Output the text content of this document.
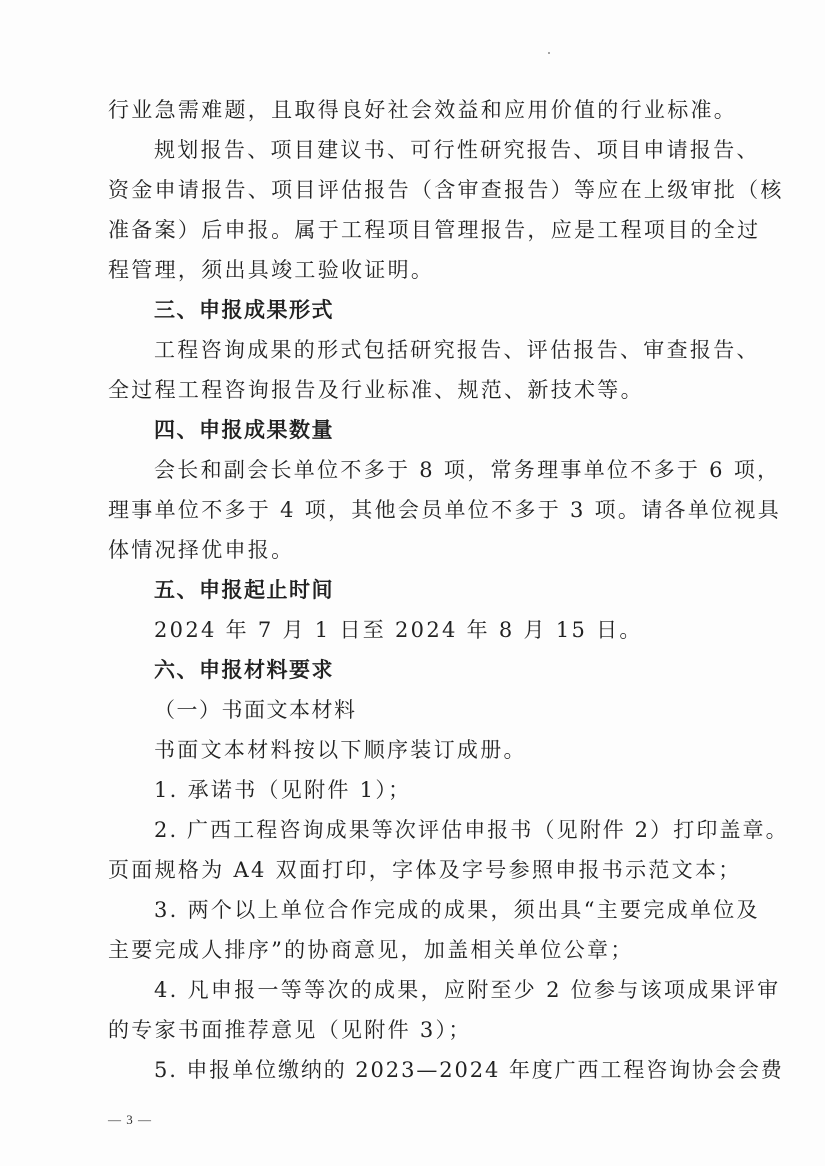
行业急需难题，且取得良好社会效益和应用价值的行业标准。
规划报告、项目建议书、可行性研究报告、项目申请报告、
资金申请报告、项目评估报告（含审查报告）等应在上级审批（核
准备案）后申报。属于工程项目管理报告，应是工程项目的全过
程管理，须出具竣工验收证明。
三、申报成果形式
工程咨询成果的形式包括研究报告、评估报告、审查报告、
全过程工程咨询报告及行业标准、规范、新技术等。
四、申报成果数量
会长和副会长单位不多于 8 项，常务理事单位不多于 6 项，
理事单位不多于 4 项，其他会员单位不多于 3 项。请各单位视具
体情况择优申报。
五、申报起止时间
2024 年 7 月 1 日至 2024 年 8 月 15 日。
六、申报材料要求
（一）书面文本材料
书面文本材料按以下顺序装订成册。
1. 承诺书（见附件 1）；
2. 广西工程咨询成果等次评估申报书（见附件 2）打印盖章。
页面规格为 A4 双面打印，字体及字号参照申报书示范文本；
3. 两个以上单位合作完成的成果，须出具“主要完成单位及
主要完成人排序”的协商意见，加盖相关单位公章；
4. 凡申报一等等次的成果，应附至少 2 位参与该项成果评审
的专家书面推荐意见（见附件 3）；
5. 申报单位缴纳的 2023—2024 年度广西工程咨询协会会费
— 3 —
